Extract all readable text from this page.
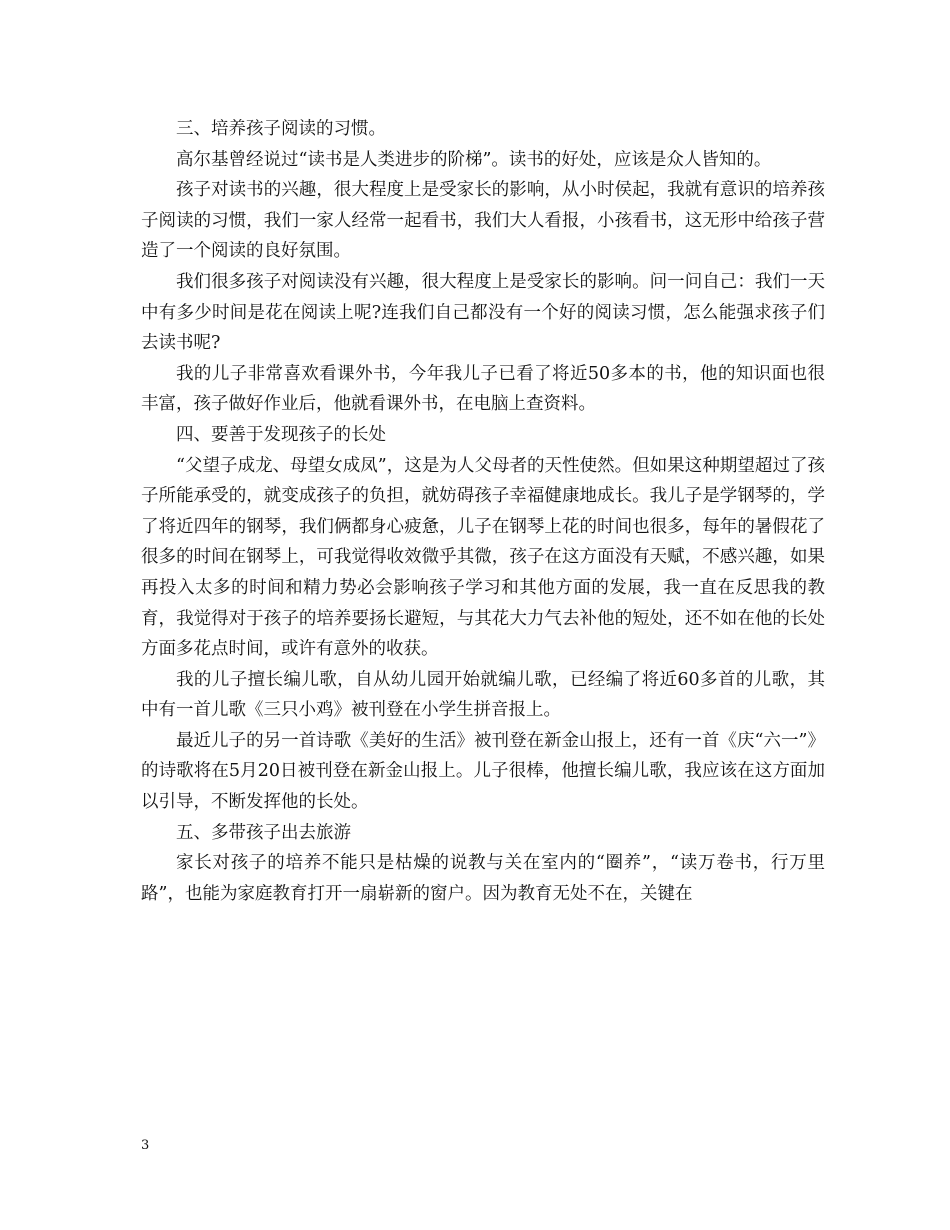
三、培养孩子阅读的习惯。

高尔基曾经说过“读书是人类进步的阶梯”。读书的好处，应该是众人皆知的。

孩子对读书的兴趣，很大程度上是受家长的影响，从小时侯起，我就有意识的培养孩子阅读的习惯，我们一家人经常一起看书，我们大人看报，小孩看书，这无形中给孩子营造了一个阅读的良好氛围。

我们很多孩子对阅读没有兴趣，很大程度上是受家长的影响。问一问自己：我们一天中有多少时间是花在阅读上呢?连我们自己都没有一个好的阅读习惯，怎么能强求孩子们去读书呢?

我的儿子非常喜欢看课外书，今年我儿子已看了将近50多本的书，他的知识面也很丰富，孩子做好作业后，他就看课外书，在电脑上查资料。

四、要善于发现孩子的长处

“父望子成龙、母望女成凤”，这是为人父母者的天性使然。但如果这种期望超过了孩子所能承受的，就变成孩子的负担，就妨碍孩子幸福健康地成长。我儿子是学钢琴的，学了将近四年的钢琴，我们俩都身心疲惫，儿子在钢琴上花的时间也很多，每年的暑假花了很多的时间在钢琴上，可我觉得收效微乎其微，孩子在这方面没有天赋，不感兴趣，如果再投入太多的时间和精力势必会影响孩子学习和其他方面的发展，我一直在反思我的教育，我觉得对于孩子的培养要扬长避短，与其花大力气去补他的短处，还不如在他的长处方面多花点时间，或许有意外的收获。

我的儿子擅长编儿歌，自从幼儿园开始就编儿歌，已经编了将近60多首的儿歌，其中有一首儿歌《三只小鸡》被刊登在小学生拼音报上。

最近儿子的另一首诗歌《美好的生活》被刊登在新金山报上，还有一首《庆“六一”》的诗歌将在5月20日被刊登在新金山报上。儿子很棒，他擅长编儿歌，我应该在这方面加以引导，不断发挥他的长处。

五、多带孩子出去旅游

家长对孩子的培养不能只是枯燥的说教与关在室内的“圈养”，“读万卷书，行万里路”，也能为家庭教育打开一扇崭新的窗户。因为教育无处不在，关键在

3
